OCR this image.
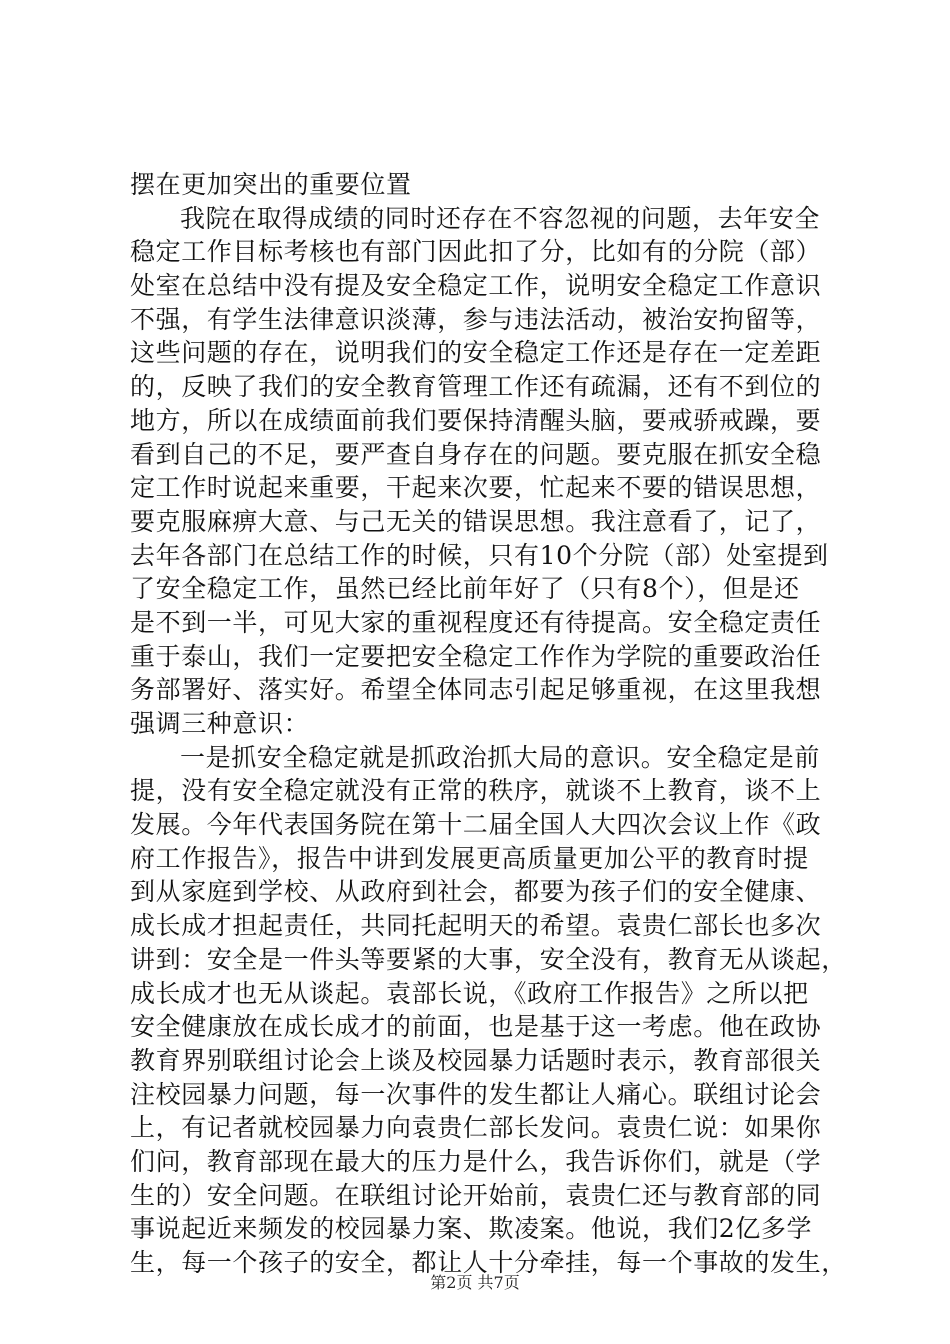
摆在更加突出的重要位置
我院在取得成绩的同时还存在不容忽视的问题，去年安全
稳定工作目标考核也有部门因此扣了分，比如有的分院（部）
处室在总结中没有提及安全稳定工作，说明安全稳定工作意识
不强，有学生法律意识淡薄，参与违法活动，被治安拘留等，
这些问题的存在，说明我们的安全稳定工作还是存在一定差距
的，反映了我们的安全教育管理工作还有疏漏，还有不到位的
地方，所以在成绩面前我们要保持清醒头脑，要戒骄戒躁，要
看到自己的不足，要严查自身存在的问题。要克服在抓安全稳
定工作时说起来重要，干起来次要，忙起来不要的错误思想，
要克服麻痹大意、与己无关的错误思想。我注意看了，记了，
去年各部门在总结工作的时候，只有10个分院（部）处室提到
了安全稳定工作，虽然已经比前年好了（只有8个），但是还
是不到一半，可见大家的重视程度还有待提高。安全稳定责任
重于泰山，我们一定要把安全稳定工作作为学院的重要政治任
务部署好、落实好。希望全体同志引起足够重视，在这里我想
强调三种意识：
一是抓安全稳定就是抓政治抓大局的意识。安全稳定是前
提，没有安全稳定就没有正常的秩序，就谈不上教育，谈不上
发展。今年代表国务院在第十二届全国人大四次会议上作《政
府工作报告》，报告中讲到发展更高质量更加公平的教育时提
到从家庭到学校、从政府到社会，都要为孩子们的安全健康、
成长成才担起责任，共同托起明天的希望。袁贵仁部长也多次
讲到：安全是一件头等要紧的大事，安全没有，教育无从谈起，
成长成才也无从谈起。袁部长说，《政府工作报告》之所以把
安全健康放在成长成才的前面，也是基于这一考虑。他在政协
教育界别联组讨论会上谈及校园暴力话题时表示，教育部很关
注校园暴力问题，每一次事件的发生都让人痛心。联组讨论会
上，有记者就校园暴力向袁贵仁部长发问。袁贵仁说：如果你
们问，教育部现在最大的压力是什么，我告诉你们，就是（学
生的）安全问题。在联组讨论开始前，袁贵仁还与教育部的同
事说起近来频发的校园暴力案、欺凌案。他说，我们2亿多学
生，每一个孩子的安全，都让人十分牵挂，每一个事故的发生，
第2页 共7页
